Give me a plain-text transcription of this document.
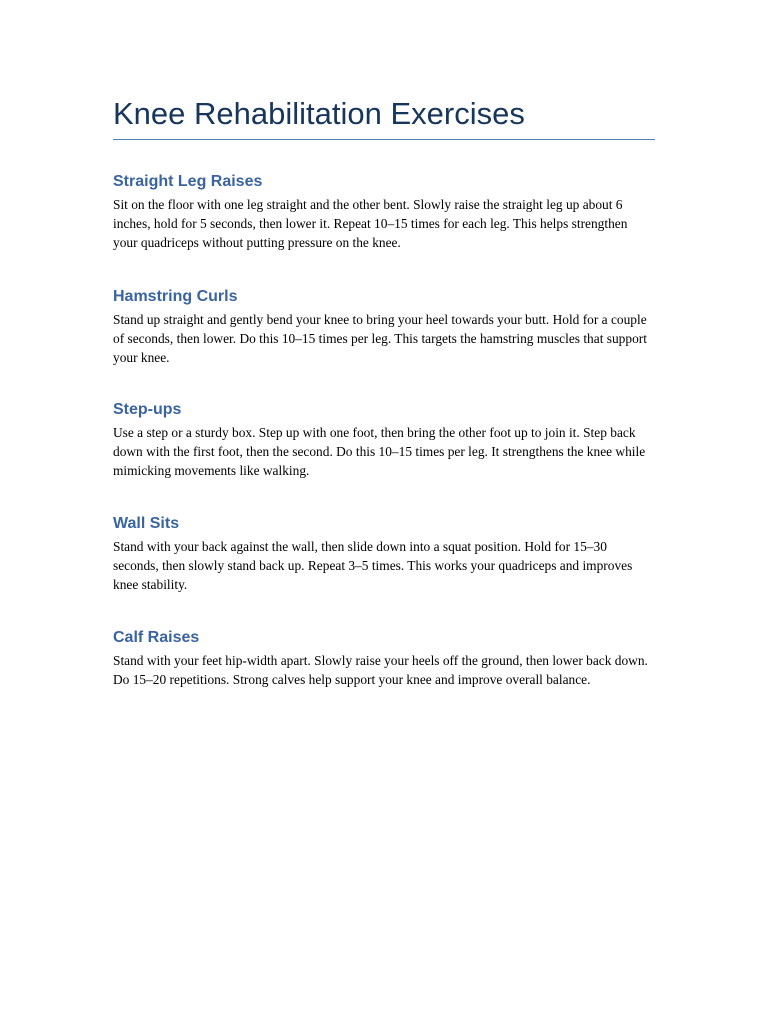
Knee Rehabilitation Exercises
Straight Leg Raises

Sit on the floor with one leg straight and the other bent. Slowly raise the straight leg up about 6 inches, hold for 5 seconds, then lower it. Repeat 10–15 times for each leg. This helps strengthen your quadriceps without putting pressure on the knee.

Hamstring Curls

Stand up straight and gently bend your knee to bring your heel towards your butt. Hold for a couple of seconds, then lower. Do this 10–15 times per leg. This targets the hamstring muscles that support your knee.

Step-ups

Use a step or a sturdy box. Step up with one foot, then bring the other foot up to join it. Step back down with the first foot, then the second. Do this 10–15 times per leg. It strengthens the knee while mimicking movements like walking.

Wall Sits

Stand with your back against the wall, then slide down into a squat position. Hold for 15–30 seconds, then slowly stand back up. Repeat 3–5 times. This works your quadriceps and improves knee stability.

Calf Raises

Stand with your feet hip-width apart. Slowly raise your heels off the ground, then lower back down. Do 15–20 repetitions. Strong calves help support your knee and improve overall balance.
